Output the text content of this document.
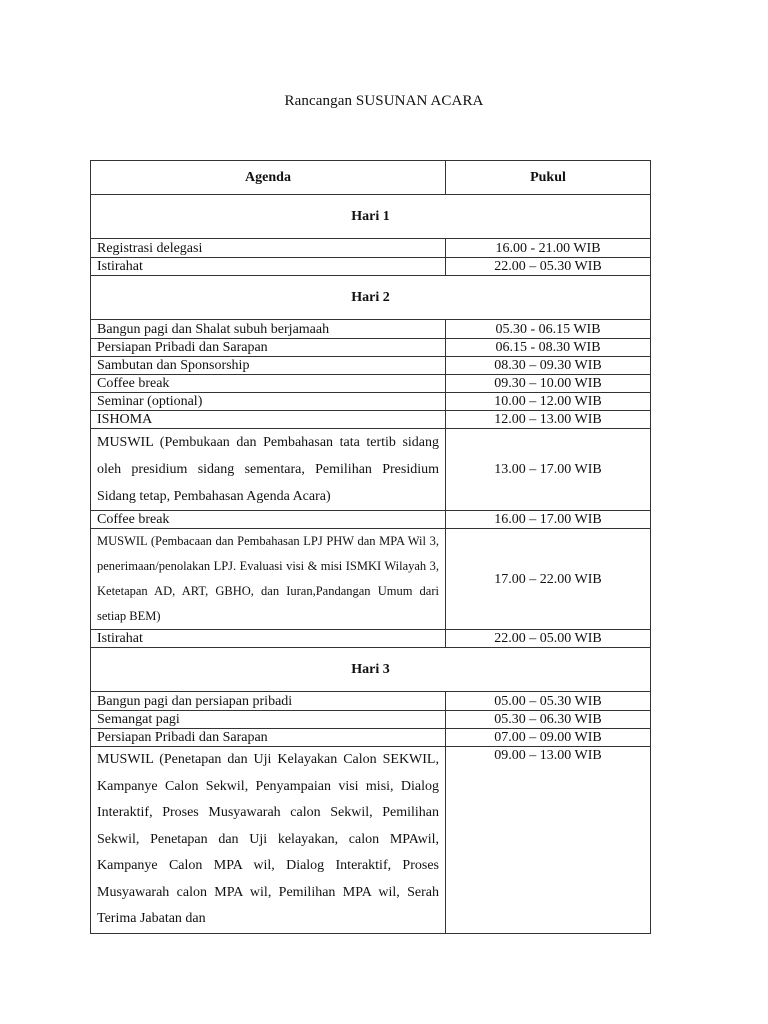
Rancangan SUSUNAN ACARA
Agenda	Pukul
Hari 1	
Registrasi delegasi	16.00 - 21.00 WIB
Istirahat	22.00 – 05.30 WIB
Hari 2	
Bangun pagi dan Shalat subuh berjamaah	05.30 - 06.15 WIB
Persiapan Pribadi dan Sarapan	06.15 - 08.30 WIB
Sambutan dan Sponsorship	08.30 – 09.30 WIB
Coffee break	09.30 – 10.00 WIB
Seminar (optional)	10.00 – 12.00 WIB
ISHOMA	12.00 – 13.00 WIB
MUSWIL (Pembukaan dan Pembahasan tata tertib sidang oleh presidium sidang sementara, Pemilihan Presidium Sidang tetap, Pembahasan Agenda Acara)	13.00 – 17.00 WIB
Coffee break	16.00 – 17.00 WIB
MUSWIL (Pembacaan dan Pembahasan LPJ PHW dan MPA Wil 3, penerimaan/penolakan LPJ. Evaluasi visi & misi ISMKI Wilayah 3, Ketetapan AD, ART, GBHO, dan Iuran,Pandangan Umum dari setiap BEM)	17.00 – 22.00 WIB
Istirahat	22.00 – 05.00 WIB
Hari 3	
Bangun pagi dan persiapan pribadi	05.00 – 05.30 WIB
Semangat pagi	05.30 – 06.30 WIB
Persiapan Pribadi dan Sarapan	07.00 – 09.00 WIB
MUSWIL (Penetapan dan Uji Kelayakan Calon SEKWIL, Kampanye Calon Sekwil, Penyampaian visi misi, Dialog Interaktif, Proses Musyawarah calon Sekwil, Pemilihan Sekwil, Penetapan dan Uji kelayakan, calon MPAwil, Kampanye Calon MPA wil, Dialog Interaktif, Proses Musyawarah calon MPA wil, Pemilihan MPA wil, Serah Terima Jabatan dan	09.00 – 13.00 WIB
